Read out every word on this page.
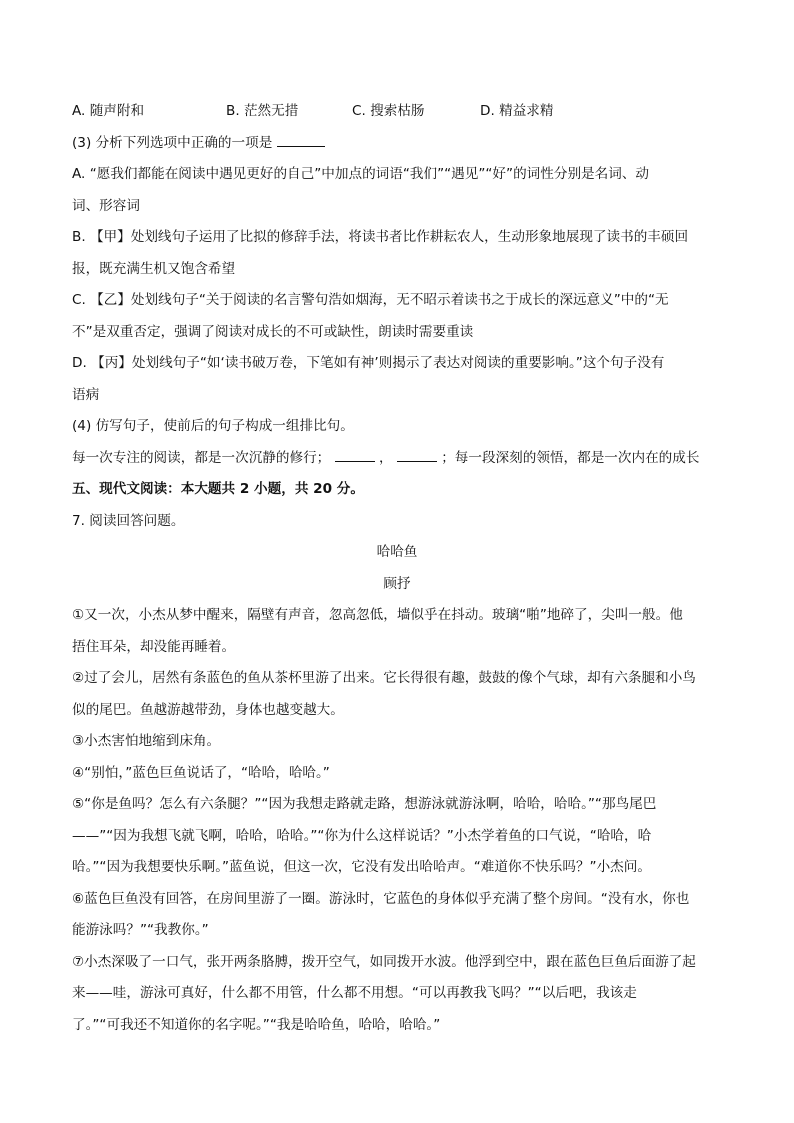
A. 随声附和	B. 茫然无措	C. 搜索枯肠	D. 精益求精
(3) 分析下列选项中正确的一项是
A. “愿我们都能在阅读中遇见更好的自己”中加点的词语“我们”“遇见”“好”的词性分别是名词、动
词、形容词
B. 【甲】处划线句子运用了比拟的修辞手法，将读书者比作耕耘农人，生动形象地展现了读书的丰硕回
报，既充满生机又饱含希望
C. 【乙】处划线句子“关于阅读的名言警句浩如烟海，无不昭示着读书之于成长的深远意义”中的“无
不”是双重否定，强调了阅读对成长的不可或缺性，朗读时需要重读
D. 【丙】处划线句子“如‘读书破万卷，下笔如有神’则揭示了表达对阅读的重要影响。”这个句子没有
语病
(4) 仿写句子，使前后的句子构成一组排比句。
每一次专注的阅读，都是一次沉静的修行；	，	；每一段深刻的领悟，都是一次内在的成长
五、现代文阅读：本大题共 2 小题，共 20 分。
7. 阅读回答问题。
哈哈鱼
顾抒
①又一次，小杰从梦中醒来，隔壁有声音，忽高忽低，墙似乎在抖动。玻璃“啪”地碎了，尖叫一般。他
捂住耳朵，却没能再睡着。
②过了会儿，居然有条蓝色的鱼从茶杯里游了出来。它长得很有趣，鼓鼓的像个气球，却有六条腿和小鸟
似的尾巴。鱼越游越带劲，身体也越变越大。
③小杰害怕地缩到床角。
④“别怕，”蓝色巨鱼说话了，“哈哈，哈哈。”
⑤“你是鱼吗？怎么有六条腿？”“因为我想走路就走路，想游泳就游泳啊，哈哈，哈哈。”“那鸟尾巴
——”“因为我想飞就飞啊，哈哈，哈哈。”“你为什么这样说话？”小杰学着鱼的口气说，“哈哈，哈
哈。”“因为我想要快乐啊。”蓝鱼说，但这一次，它没有发出哈哈声。“难道你不快乐吗？”小杰问。
⑥蓝色巨鱼没有回答，在房间里游了一圈。游泳时，它蓝色的身体似乎充满了整个房间。“没有水，你也
能游泳吗？”“我教你。”
⑦小杰深吸了一口气，张开两条胳膊，拨开空气，如同拨开水波。他浮到空中，跟在蓝色巨鱼后面游了起
来——哇，游泳可真好，什么都不用管，什么都不用想。“可以再教我飞吗？”“以后吧，我该走
了。”“可我还不知道你的名字呢。”“我是哈哈鱼，哈哈，哈哈。”
